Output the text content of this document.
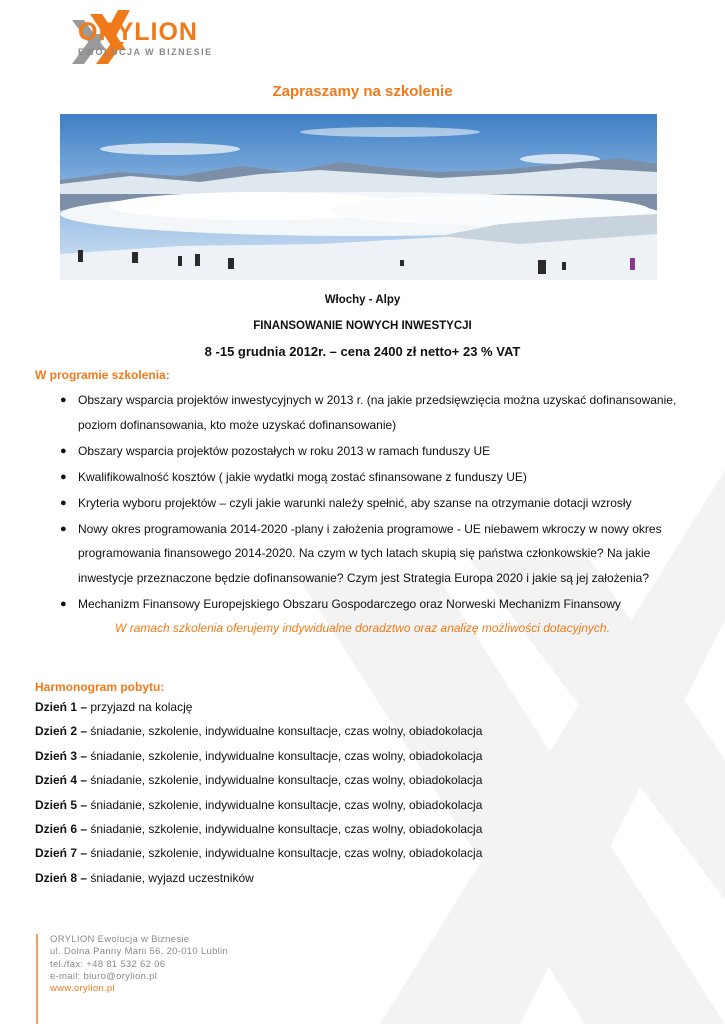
ORYLION
EWOLUCJA W BIZNESIE
Zapraszamy na szkolenie
Włochy - Alpy
FINANSOWANIE NOWYCH INWESTYCJI
8 -15 grudnia 2012r. – cena 2400 zł netto+ 23 % VAT
W programie szkolenia:
● Obszary wsparcia projektów inwestycyjnych w 2013 r. (na jakie przedsięwzięcia można uzyskać dofinansowanie, poziom dofinansowania, kto może uzyskać dofinansowanie)
● Obszary wsparcia projektów pozostałych w roku 2013 w ramach funduszy UE
● Kwalifikowalność kosztów ( jakie wydatki mogą zostać sfinansowane z funduszy UE)
● Kryteria wyboru projektów – czyli jakie warunki należy spełnić, aby szanse na otrzymanie dotacji wzrosły
● Nowy okres programowania 2014-2020 -plany i założenia programowe - UE niebawem wkroczy w nowy okres programowania finansowego 2014-2020. Na czym w tych latach skupią się państwa członkowskie? Na jakie inwestycje przeznaczone będzie dofinansowanie? Czym jest Strategia Europa 2020 i jakie są jej założenia?
● Mechanizm Finansowy Europejskiego Obszaru Gospodarczego oraz Norweski Mechanizm Finansowy
W ramach szkolenia oferujemy indywidualne doradztwo oraz analizę możliwości dotacyjnych.
Harmonogram pobytu:
Dzień 1 – przyjazd na kolację
Dzień 2 – śniadanie, szkolenie, indywidualne konsultacje, czas wolny, obiadokolacja
Dzień 3 – śniadanie, szkolenie, indywidualne konsultacje, czas wolny, obiadokolacja
Dzień 4 – śniadanie, szkolenie, indywidualne konsultacje, czas wolny, obiadokolacja
Dzień 5 – śniadanie, szkolenie, indywidualne konsultacje, czas wolny, obiadokolacja
Dzień 6 – śniadanie, szkolenie, indywidualne konsultacje, czas wolny, obiadokolacja
Dzień 7 – śniadanie, szkolenie, indywidualne konsultacje, czas wolny, obiadokolacja
Dzień 8 – śniadanie, wyjazd uczestników
ORYLION Ewolucja w Biznesie
ul. Dolna Panny Marii 56, 20-010 Lublin
tel./fax: +48 81 532 62 06
e-mail: biuro@orylion.pl
www.orylion.pl
